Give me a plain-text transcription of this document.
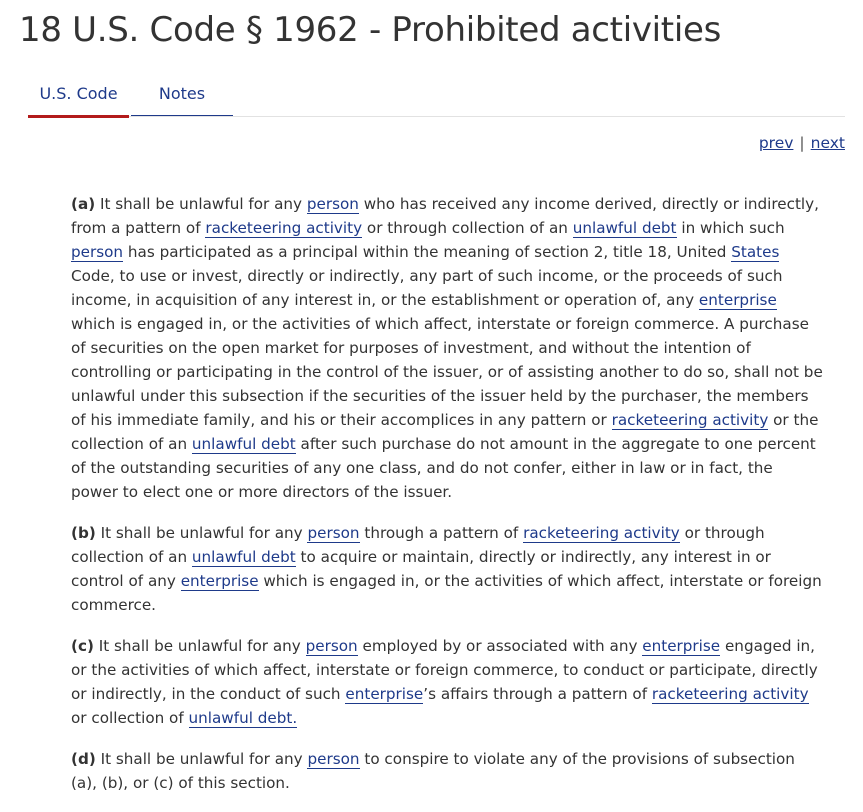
18 U.S. Code § 1962 - Prohibited activities
U.S. Code	Notes
prev | next

(a) It shall be unlawful for any person who has received any income derived, directly or indirectly, from a pattern of racketeering activity or through collection of an unlawful debt in which such person has participated as a principal within the meaning of section 2, title 18, United States Code, to use or invest, directly or indirectly, any part of such income, or the proceeds of such income, in acquisition of any interest in, or the establishment or operation of, any enterprise which is engaged in, or the activities of which affect, interstate or foreign commerce. A purchase of securities on the open market for purposes of investment, and without the intention of controlling or participating in the control of the issuer, or of assisting another to do so, shall not be unlawful under this subsection if the securities of the issuer held by the purchaser, the members of his immediate family, and his or their accomplices in any pattern or racketeering activity or the collection of an unlawful debt after such purchase do not amount in the aggregate to one percent of the outstanding securities of any one class, and do not confer, either in law or in fact, the power to elect one or more directors of the issuer.

(b) It shall be unlawful for any person through a pattern of racketeering activity or through collection of an unlawful debt to acquire or maintain, directly or indirectly, any interest in or control of any enterprise which is engaged in, or the activities of which affect, interstate or foreign commerce.

(c) It shall be unlawful for any person employed by or associated with any enterprise engaged in, or the activities of which affect, interstate or foreign commerce, to conduct or participate, directly or indirectly, in the conduct of such enterprise’s affairs through a pattern of racketeering activity or collection of unlawful debt.

(d) It shall be unlawful for any person to conspire to violate any of the provisions of subsection (a), (b), or (c) of this section.
